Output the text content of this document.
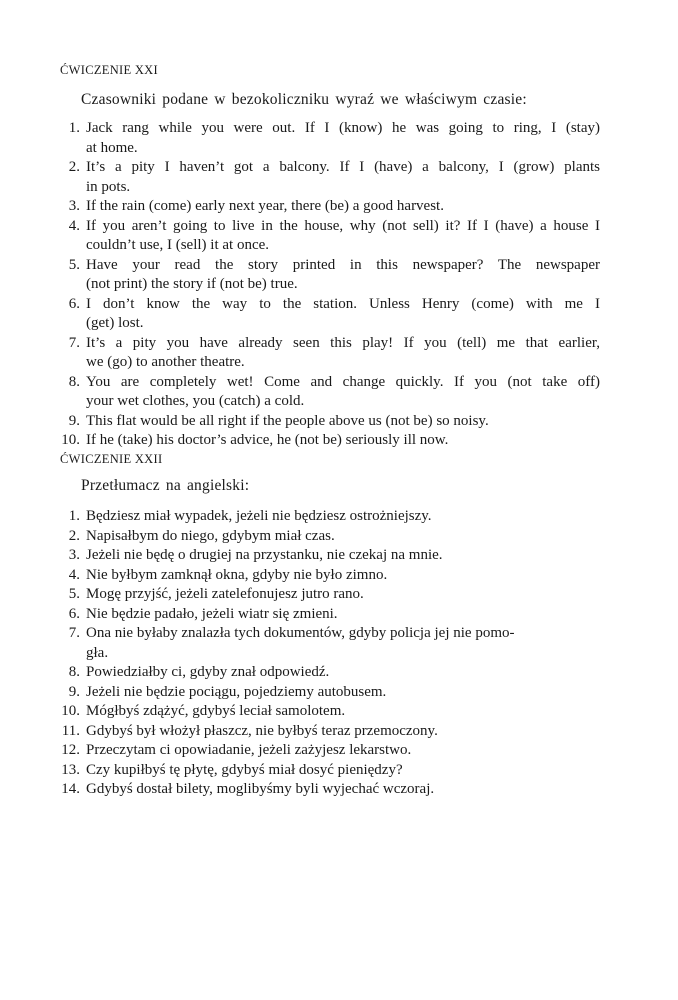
ĆWICZENIE XXI

Czasowniki podane w bezokoliczniku wyraź we właściwym czasie:

1. Jack rang while you were out. If I (know) he was going to ring, I (stay)
at home.
2. It’s a pity I haven’t got a balcony. If I (have) a balcony, I (grow) plants
in pots.
3. If the rain (come) early next year, there (be) a good harvest.
4. If you aren’t going to live in the house, why (not sell) it? If I (have) a house I
couldn’t use, I (sell) it at once.
5. Have your read the story printed in this newspaper? The newspaper
(not print) the story if (not be) true.
6. I don’t know the way to the station. Unless Henry (come) with me I
(get) lost.
7. It’s a pity you have already seen this play! If you (tell) me that earlier,
we (go) to another theatre.
8. You are completely wet! Come and change quickly. If you (not take off)
your wet clothes, you (catch) a cold.
9. This flat would be all right if the people above us (not be) so noisy.
10. If he (take) his doctor’s advice, he (not be) seriously ill now.
ĆWICZENIE XXII

Przetłumacz na angielski:

1. Będziesz miał wypadek, jeżeli nie będziesz ostrożniejszy.
2. Napisałbym do niego, gdybym miał czas.
3. Jeżeli nie będę o drugiej na przystanku, nie czekaj na mnie.
4. Nie byłbym zamknął okna, gdyby nie było zimno.
5. Mogę przyjść, jeżeli zatelefonujesz jutro rano.
6. Nie będzie padało, jeżeli wiatr się zmieni.
7. Ona nie byłaby znalazła tych dokumentów, gdyby policja jej nie pomo-
gła.
8. Powiedziałby ci, gdyby znał odpowiedź.
9. Jeżeli nie będzie pociągu, pojedziemy autobusem.
10. Mógłbyś zdążyć, gdybyś leciał samolotem.
11. Gdybyś był włożył płaszcz, nie byłbyś teraz przemoczony.
12. Przeczytam ci opowiadanie, jeżeli zażyjesz lekarstwo.
13. Czy kupiłbyś tę płytę, gdybyś miał dosyć pieniędzy?
14. Gdybyś dostał bilety, moglibyśmy byli wyjechać wczoraj.
